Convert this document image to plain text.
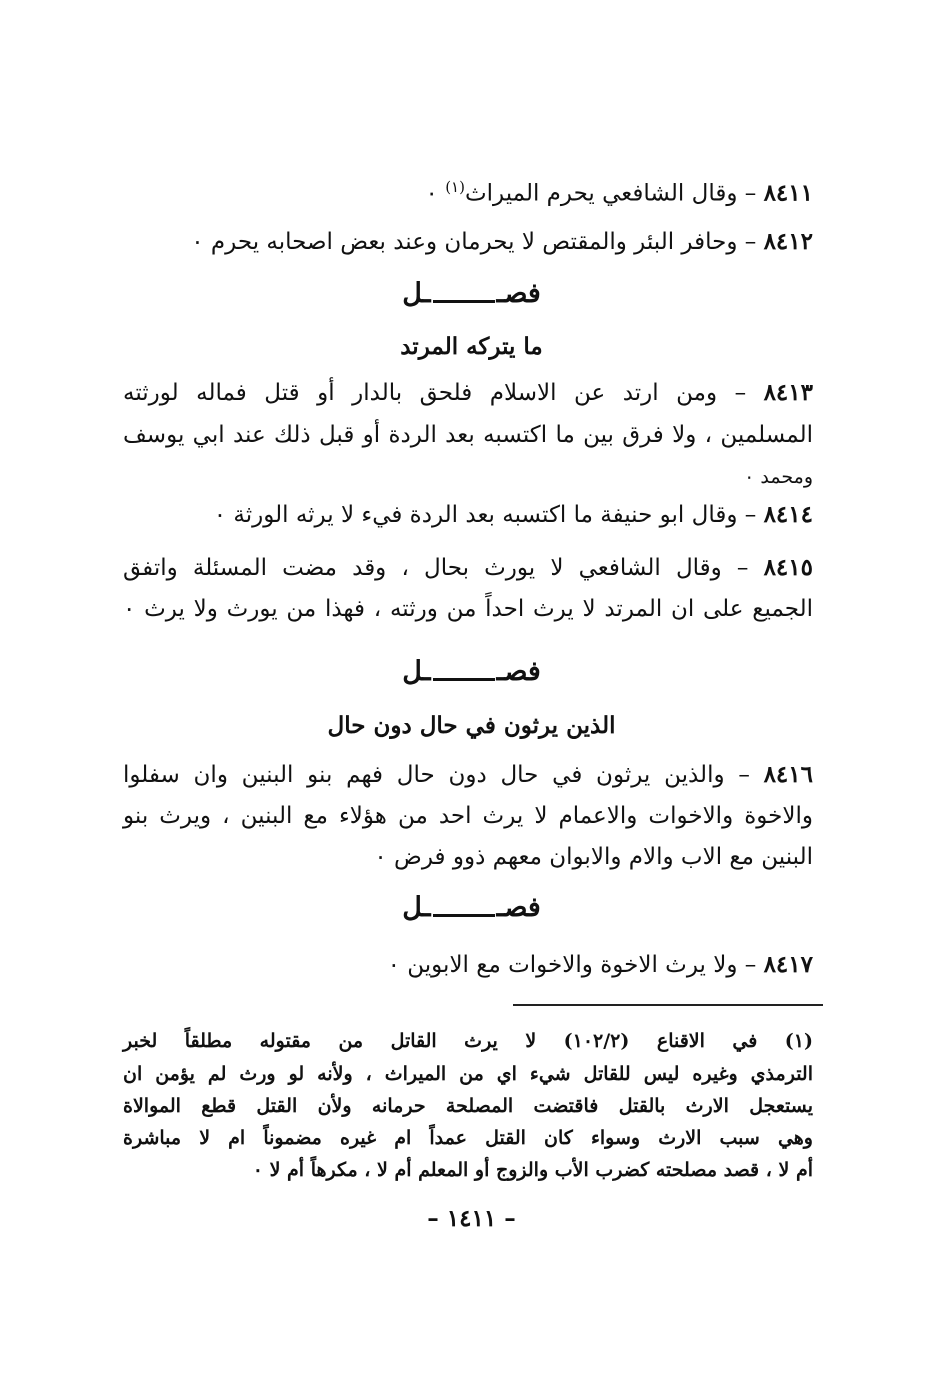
٨٤١١ – وقال الشافعي يحرم الميراث$^{(١)}$ ٠
٨٤١٢ – وحافر البئر والمقتص لا يحرمان وعند بعض اصحابه يحرم ٠
فصــل
ما يتركه المرتد
٨٤١٣ – ومن ارتد عن الاسلام فلحق بالدار أو قتل فماله لورثته
المسلمين ، ولا فرق بين ما اكتسبه بعد الردة أو قبل ذلك عند ابي يوسف
ومحمد ٠
٨٤١٤ – وقال ابو حنيفة ما اكتسبه بعد الردة فيء لا يرثه الورثة ٠
٨٤١٥ – وقال الشافعي لا يورث بحال ، وقد مضت المسئلة واتفق
الجميع على ان المرتد لا يرث احداً من ورثته ، فهذا من يورث ولا يرث ٠
فصــل
الذين يرثون في حال دون حال
٨٤١٦ – والذين يرثون في حال دون حال فهم بنو البنين وان سفلوا
والاخوة والاخوات والاعمام لا يرث احد من هؤلاء مع البنين ، ويرث بنو
البنين مع الاب والام والابوان معهم ذوو فرض ٠
فصــل
٨٤١٧ – ولا يرث الاخوة والاخوات مع الابوين ٠
(١) في الاقناع (١٠٢/٢) لا يرث القاتل من مقتوله مطلقاً لخبر
الترمذي وغيره ليس للقاتل شيء اي من الميراث ، ولأنه لو ورث لم يؤمن ان
يستعجل الارث بالقتل فاقتضت المصلحة حرمانه ولأن القتل قطع الموالاة
وهي سبب الارث وسواء كان القتل عمداً ام غيره مضموناً ام لا مباشرة
أم لا ، قصد مصلحته كضرب الأب والزوج أو المعلم أم لا ، مكرهاً أم لا ٠
– ١٤١١ –
